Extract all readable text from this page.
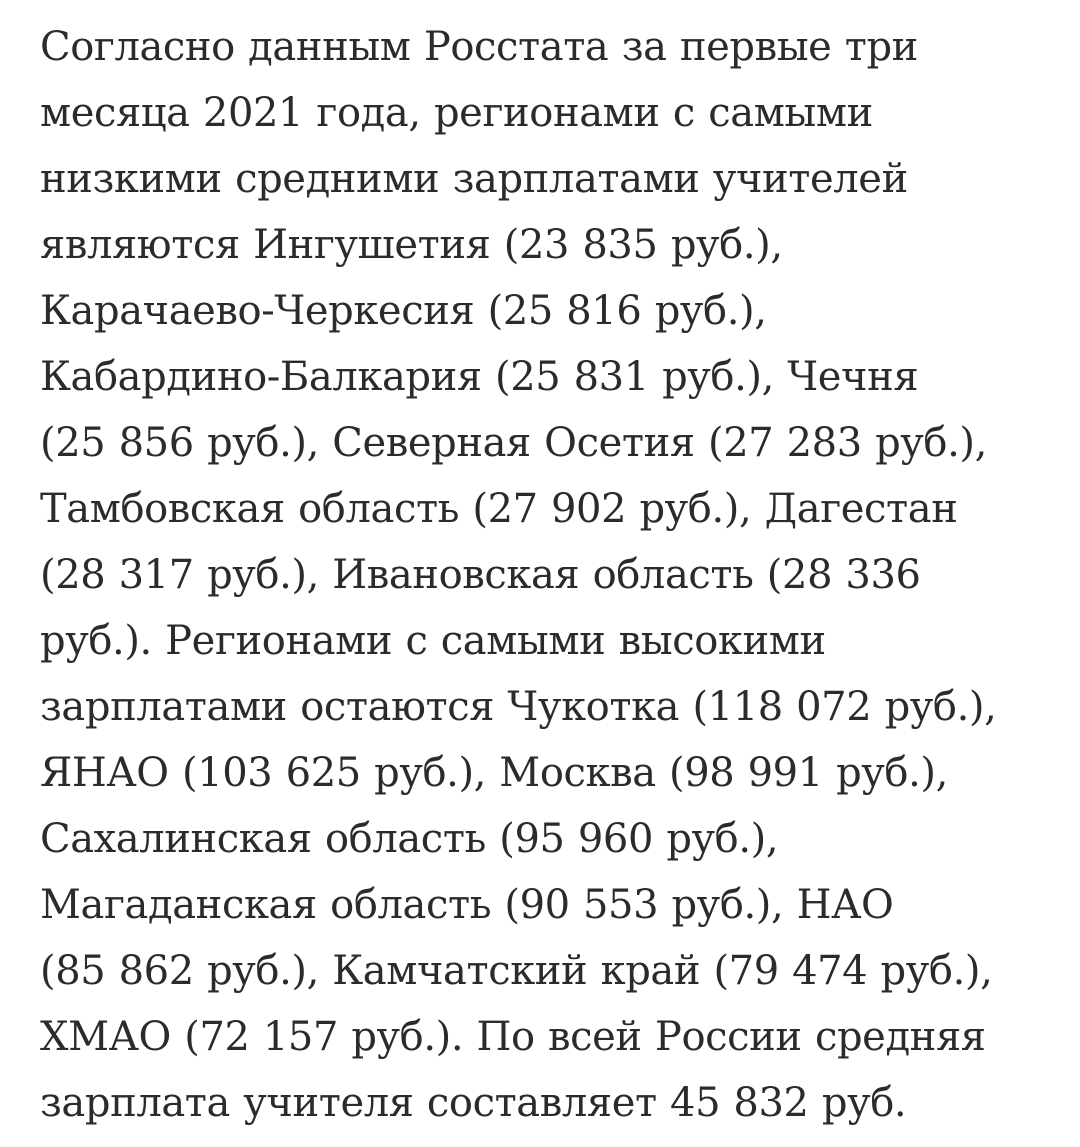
Согласно данным Росстата за первые три
месяца 2021 года, регионами с самыми
низкими средними зарплатами учителей
являются Ингушетия (23 835 руб.),
Карачаево-Черкесия (25 816 руб.),
Кабардино-Балкария (25 831 руб.), Чечня
(25 856 руб.), Северная Осетия (27 283 руб.),
Тамбовская область (27 902 руб.), Дагестан
(28 317 руб.), Ивановская область (28 336
руб.). Регионами с самыми высокими
зарплатами остаются Чукотка (118 072 руб.),
ЯНАО (103 625 руб.), Москва (98 991 руб.),
Сахалинская область (95 960 руб.),
Магаданская область (90 553 руб.), НАО
(85 862 руб.), Камчатский край (79 474 руб.),
ХМАО (72 157 руб.). По всей России средняя
зарплата учителя составляет 45 832 руб.
